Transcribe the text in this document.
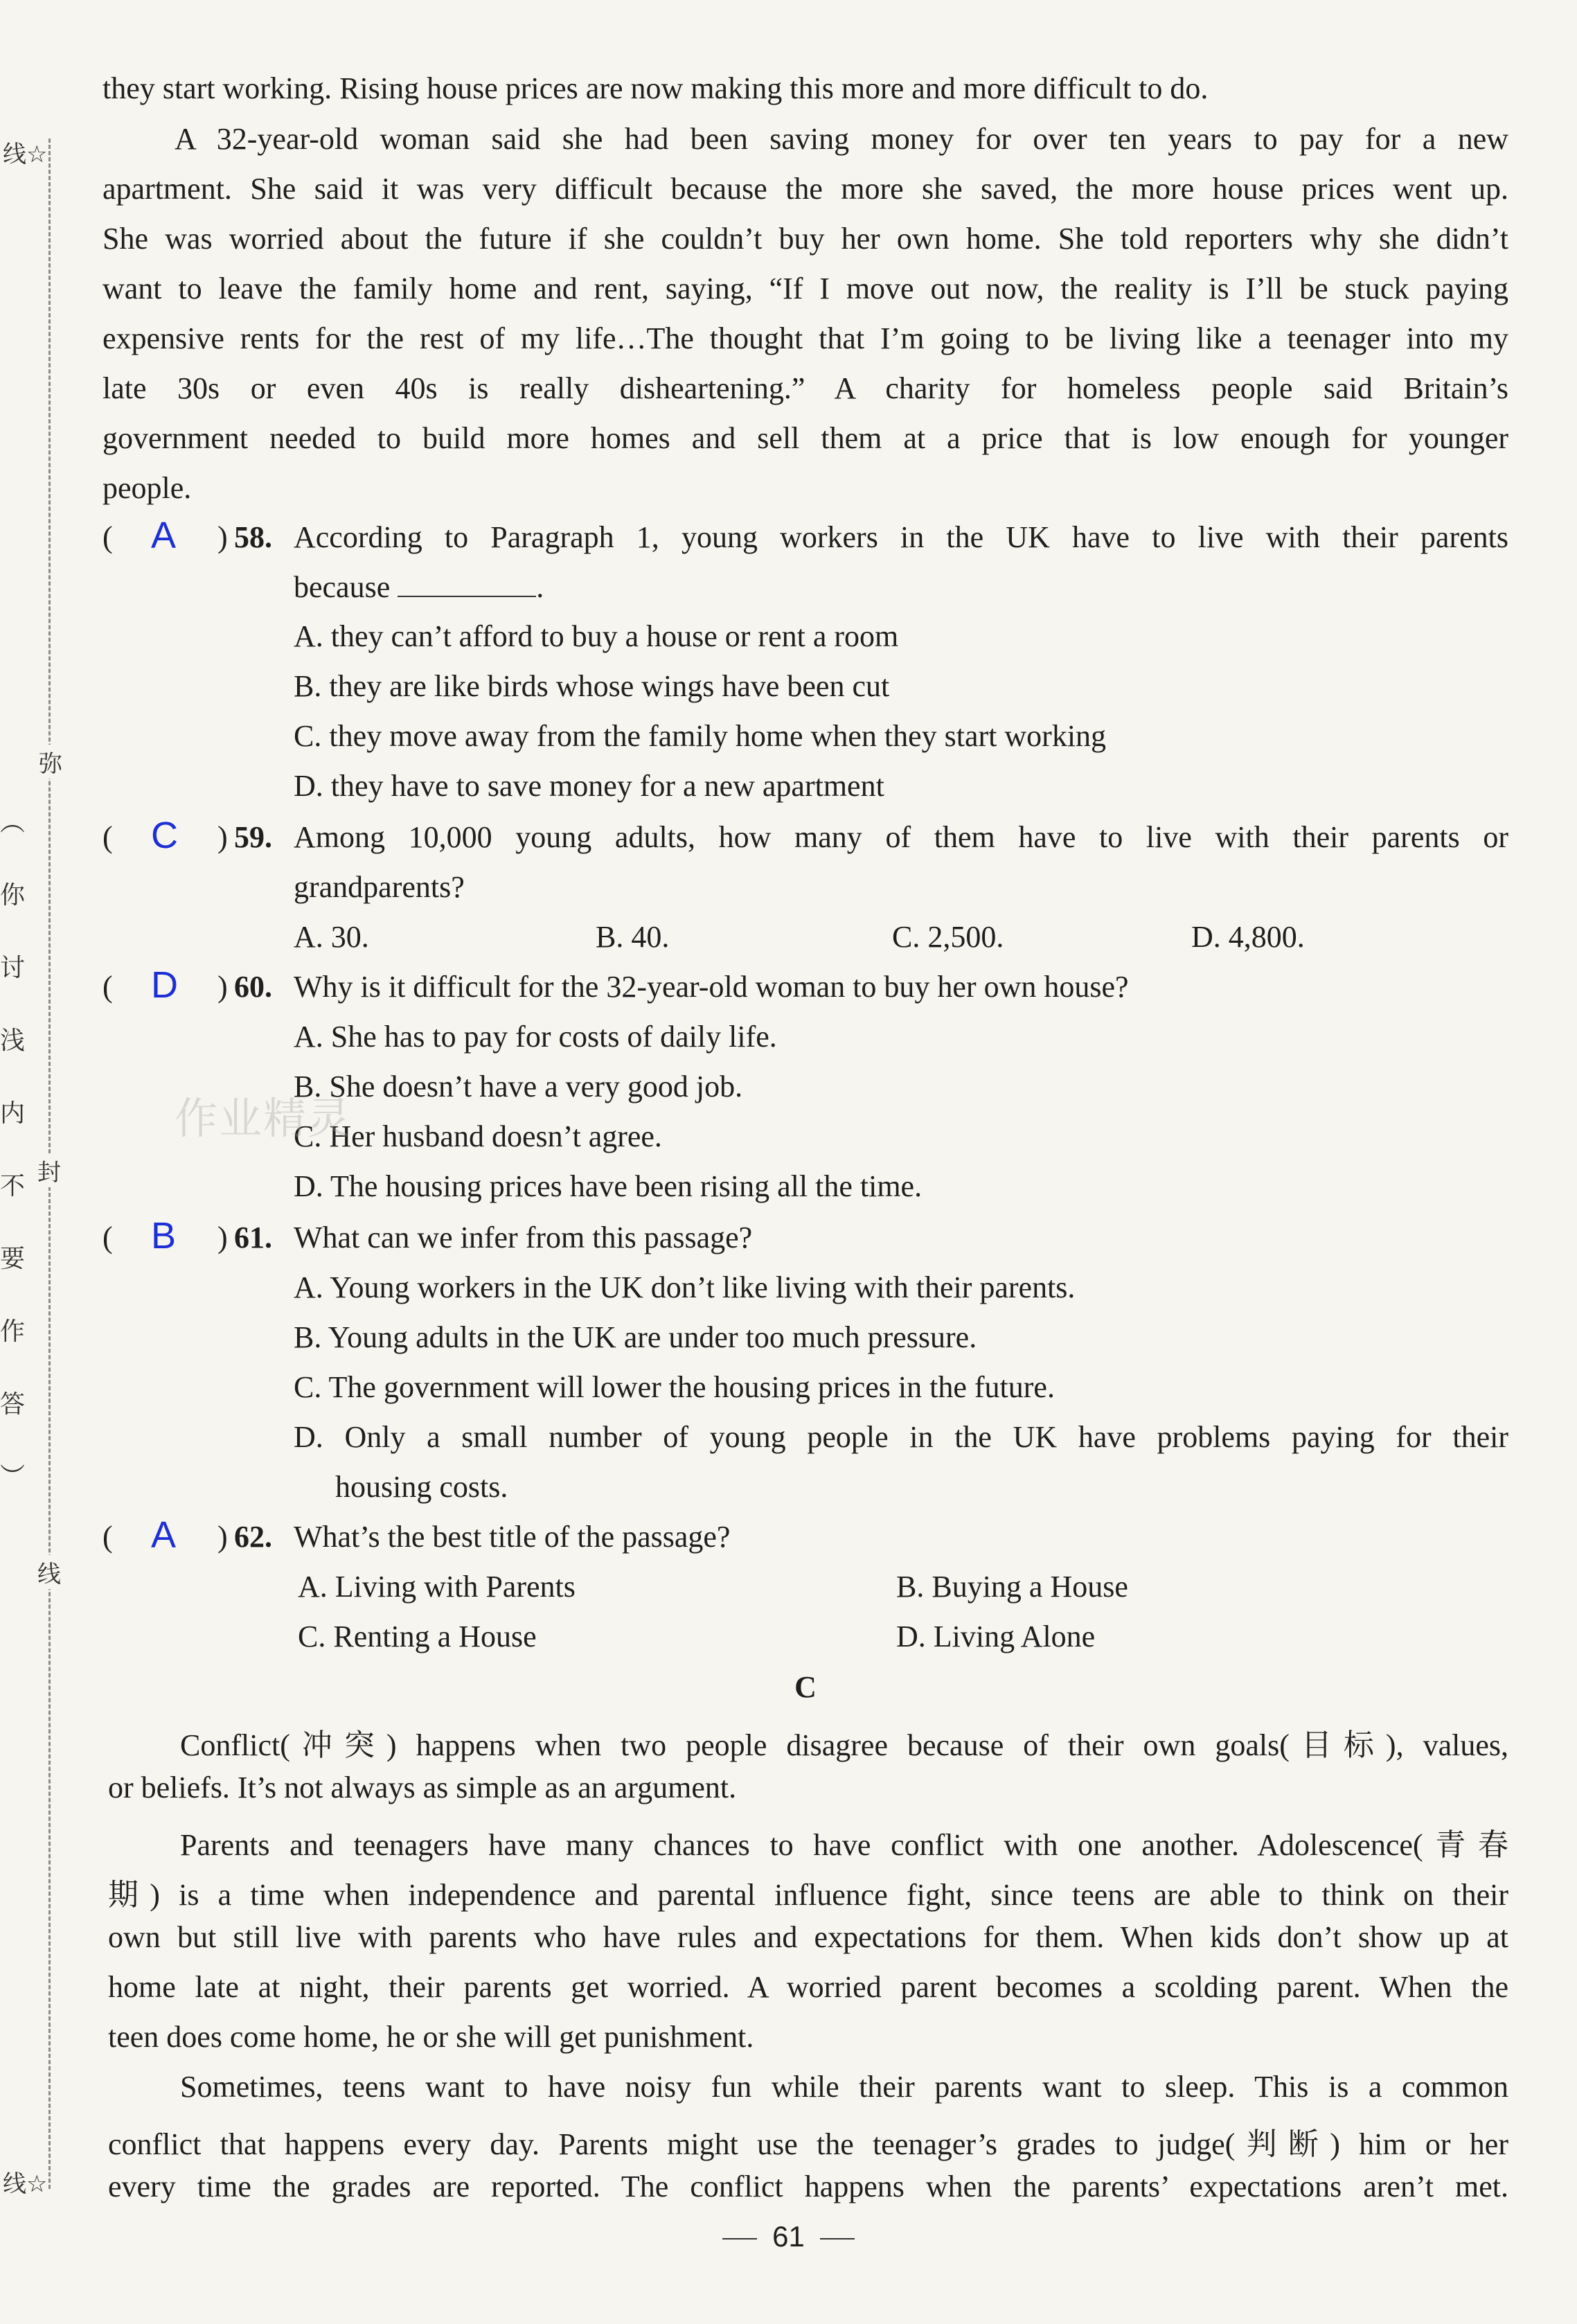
线☆
弥
︵
你
讨
浅
内
不
要
作
答
︶
封
线
线☆
they start working. Rising house prices are now making this more and more difficult to do.
A 32-year-old woman said she had been saving money for over ten years to pay for a new
apartment. She said it was very difficult because the more she saved, the more house prices went up.
She was worried about the future if she couldn’t buy her own home. She told reporters why she didn’t
want to leave the family home and rent, saying, “If I move out now, the reality is I’ll be stuck paying
expensive rents for the rest of my life…The thought that I’m going to be living like a teenager into my
late 30s or even 40s is really disheartening.” A charity for homeless people said Britain’s
government needed to build more homes and sell them at a price that is low enough for younger
people.
( A ) 58. According to Paragraph 1, young workers in the UK have to live with their parents
because	.
A. they can’t afford to buy a house or rent a room
B. they are like birds whose wings have been cut
C. they move away from the family home when they start working
D. they have to save money for a new apartment
( C ) 59. Among 10,000 young adults, how many of them have to live with their parents or
grandparents?
A. 30.	B. 40.	C. 2,500.	D. 4,800.
( D ) 60. Why is it difficult for the 32-year-old woman to buy her own house?
A. She has to pay for costs of daily life.
B. She doesn’t have a very good job.
C. Her husband doesn’t agree.
D. The housing prices have been rising all the time.
( B ) 61. What can we infer from this passage?
A. Young workers in the UK don’t like living with their parents.
B. Young adults in the UK are under too much pressure.
C. The government will lower the housing prices in the future.
D. Only a small number of young people in the UK have problems paying for their
housing costs.
( A ) 62. What’s the best title of the passage?
A. Living with Parents	B. Buying a House
C. Renting a House	D. Living Alone
C
Conflict(冲突) happens when two people disagree because of their own goals(目标), values,
or beliefs. It’s not always as simple as an argument.
Parents and teenagers have many chances to have conflict with one another. Adolescence(青春
期) is a time when independence and parental influence fight, since teens are able to think on their
own but still live with parents who have rules and expectations for them. When kids don’t show up at
home late at night, their parents get worried. A worried parent becomes a scolding parent. When the
teen does come home, he or she will get punishment.
Sometimes, teens want to have noisy fun while their parents want to sleep. This is a common
conflict that happens every day. Parents might use the teenager’s grades to judge(判断) him or her
every time the grades are reported. The conflict happens when the parents’ expectations aren’t met.
作业精灵
61
